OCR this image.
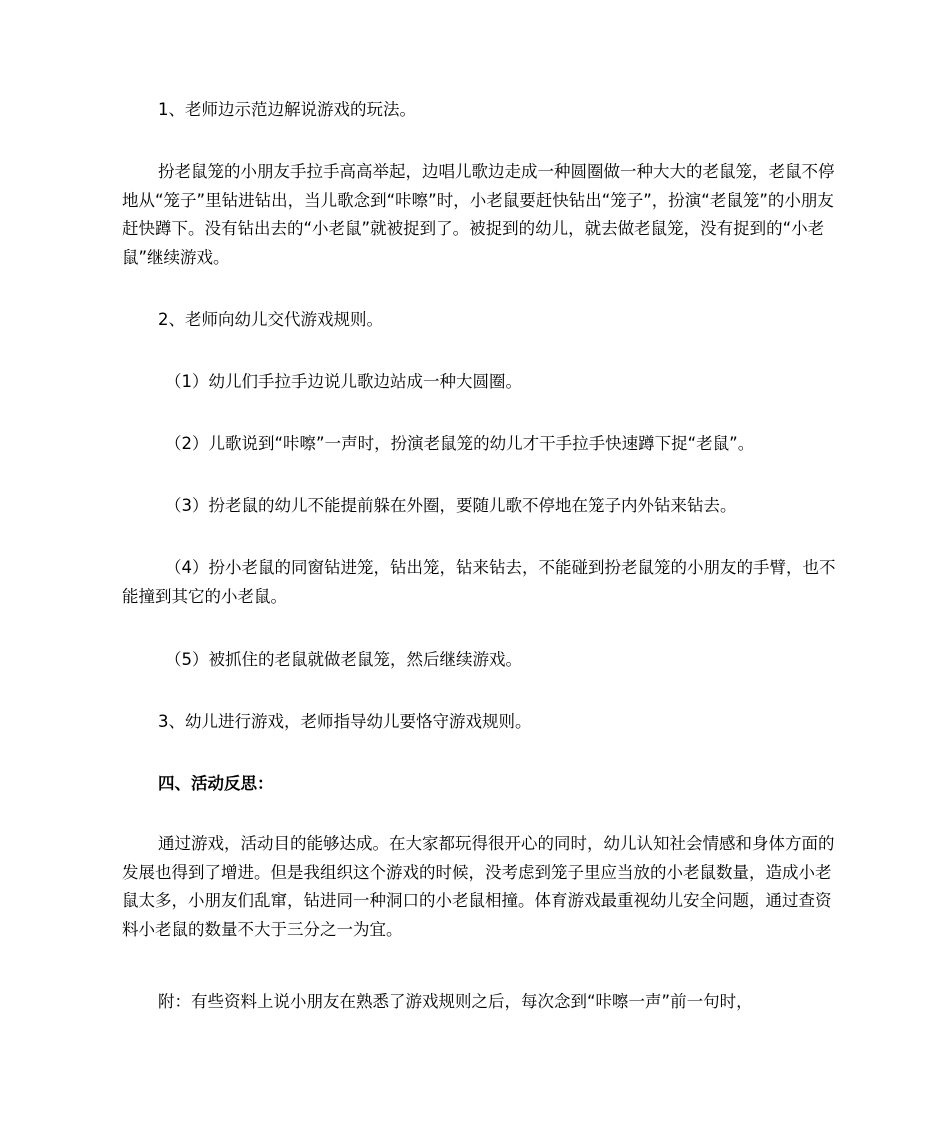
1、老师边示范边解说游戏的玩法。

扮老鼠笼的小朋友手拉手高高举起，边唱儿歌边走成一种圆圈做一种大大的老鼠笼，老鼠不停地从“笼子”里钻进钻出，当儿歌念到“咔嚓”时，小老鼠要赶快钻出“笼子”，扮演“老鼠笼”的小朋友赶快蹲下。没有钻出去的“小老鼠”就被捉到了。被捉到的幼儿，就去做老鼠笼，没有捉到的“小老鼠”继续游戏。

2、老师向幼儿交代游戏规则。

（1）幼儿们手拉手边说儿歌边站成一种大圆圈。

（2）儿歌说到“咔嚓”一声时，扮演老鼠笼的幼儿才干手拉手快速蹲下捉“老鼠”。

（3）扮老鼠的幼儿不能提前躲在外圈，要随儿歌不停地在笼子内外钻来钻去。

（4）扮小老鼠的同窗钻进笼，钻出笼，钻来钻去，不能碰到扮老鼠笼的小朋友的手臂，也不能撞到其它的小老鼠。

（5）被抓住的老鼠就做老鼠笼，然后继续游戏。

3、幼儿进行游戏，老师指导幼儿要恪守游戏规则。

四、活动反思：

通过游戏，活动目的能够达成。在大家都玩得很开心的同时，幼儿认知社会情感和身体方面的发展也得到了增进。但是我组织这个游戏的时候，没考虑到笼子里应当放的小老鼠数量，造成小老鼠太多，小朋友们乱窜，钻进同一种洞口的小老鼠相撞。体育游戏最重视幼儿安全问题，通过查资料小老鼠的数量不大于三分之一为宜。

附：有些资料上说小朋友在熟悉了游戏规则之后，每次念到“咔嚓一声”前一句时，
